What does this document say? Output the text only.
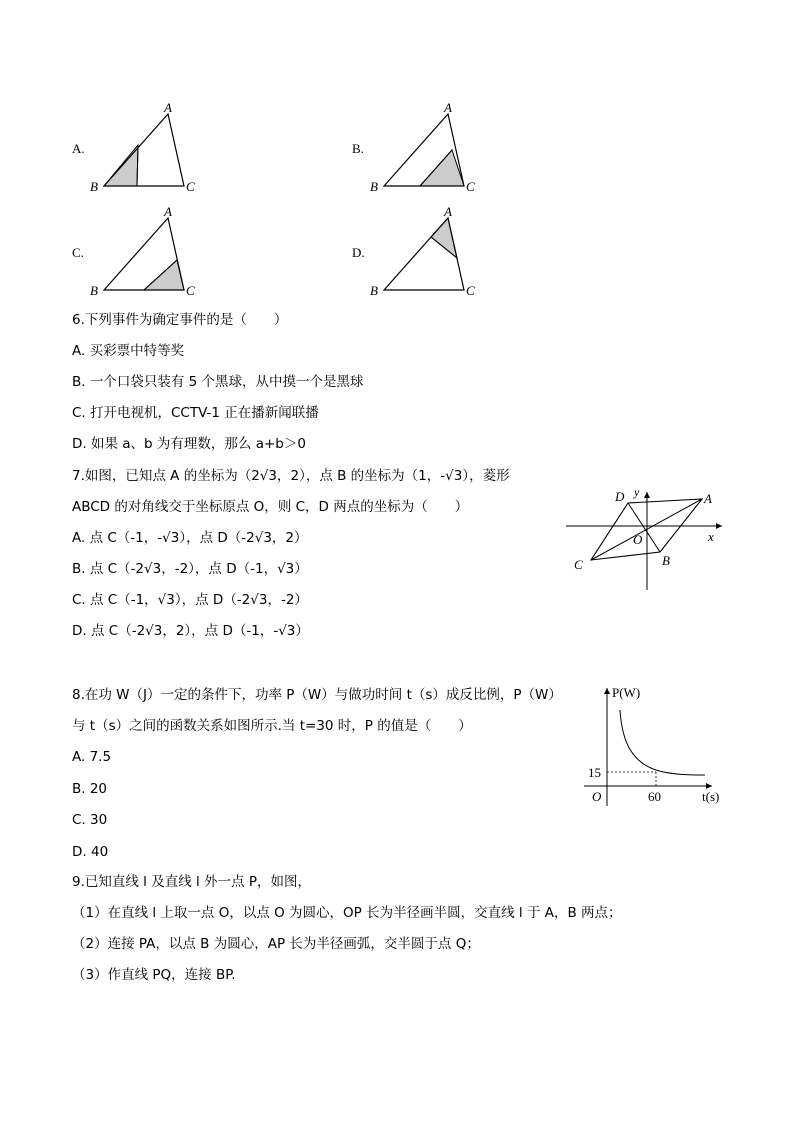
A.
A
B	C
B.
A
B	C
C.
A
B	C
D.
A
B	C
6.下列事件为确定事件的是（　　）
A. 买彩票中特等奖
B. 一个口袋只装有 5 个黑球，从中摸一个是黑球
C. 打开电视机，CCTV-1 正在播新闻联播
D. 如果 a、b 为有理数，那么 a+b＞0
7.如图，已知点 A 的坐标为（2√3，2），点 B 的坐标为（1，-√3），菱形
ABCD 的对角线交于坐标原点 O，则 C，D 两点的坐标为（　　）
A. 点 C（-1，-√3），点 D（-2√3，2）
B. 点 C（-2√3，-2），点 D（-1，√3）
C. 点 C（-1，√3），点 D（-2√3，-2）
D. 点 C（-2√3，2），点 D（-1，-√3）
y
x
A
B
C
D
O
8.在功 W（J）一定的条件下，功率 P（W）与做功时间 t（s）成反比例，P（W）
与 t（s）之间的函数关系如图所示.当 t=30 时，P 的值是（　　）
A. 7.5
B. 20
C. 30
D. 40
P(W)
t(s)
O
15
60
9.已知直线 l 及直线 l 外一点 P，如图，
（1）在直线 l 上取一点 O，以点 O 为圆心，OP 长为半径画半圆，交直线 l 于 A，B 两点；
（2）连接 PA，以点 B 为圆心，AP 长为半径画弧，交半圆于点 Q；
（3）作直线 PQ，连接 BP.
